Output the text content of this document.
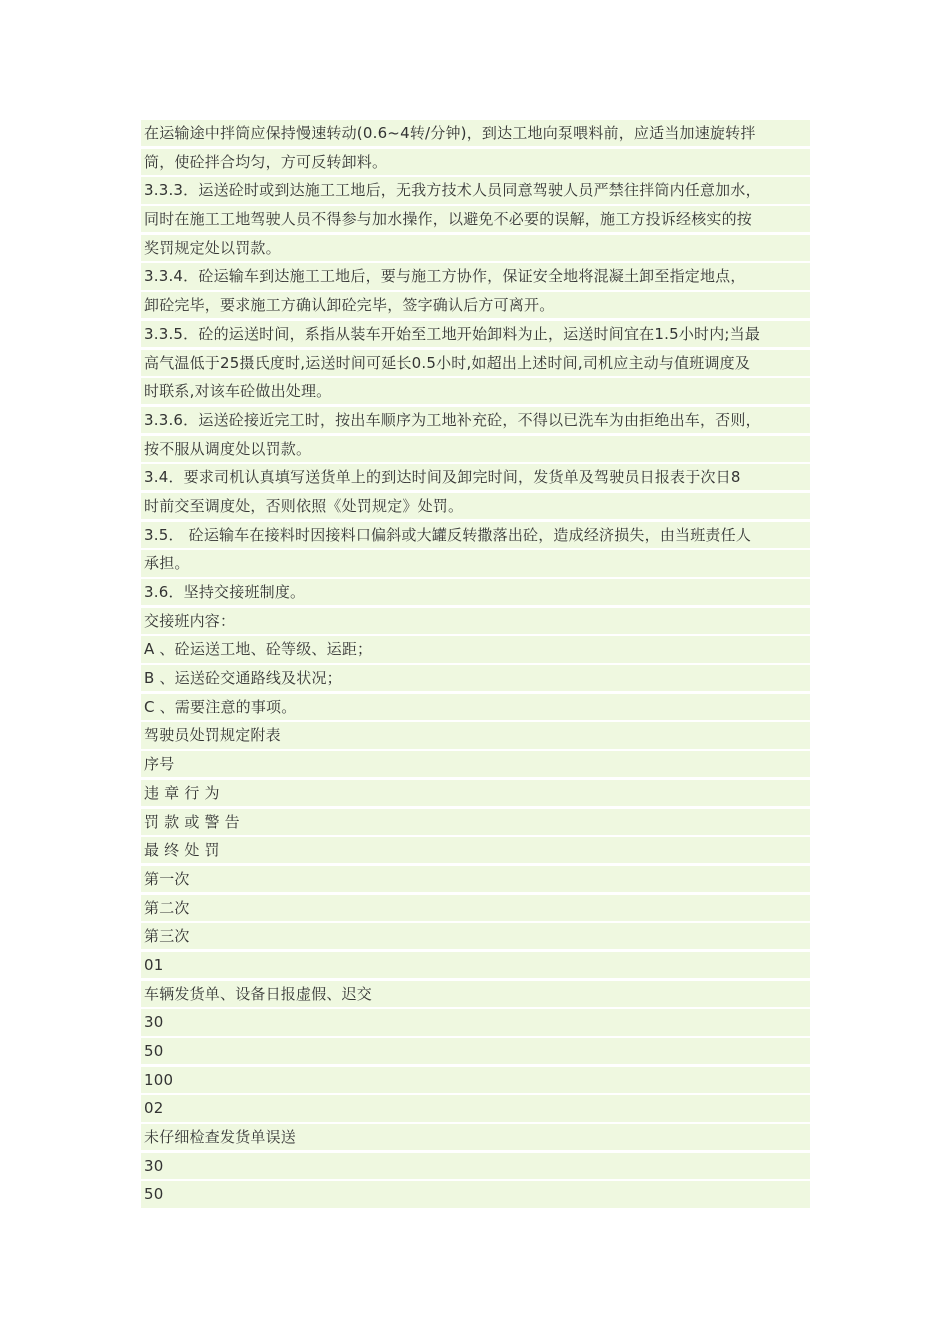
在运输途中拌筒应保持慢速转动(0.6~4转/分钟)，到达工地向泵喂料前，应适当加速旋转拌
筒，使砼拌合均匀，方可反转卸料。
3.3.3．运送砼时或到达施工工地后，无我方技术人员同意驾驶人员严禁往拌筒内任意加水，
同时在施工工地驾驶人员不得参与加水操作，以避免不必要的误解，施工方投诉经核实的按
奖罚规定处以罚款。
3.3.4．砼运输车到达施工工地后，要与施工方协作，保证安全地将混凝土卸至指定地点，
卸砼完毕，要求施工方确认卸砼完毕，签字确认后方可离开。
3.3.5．砼的运送时间，系指从装车开始至工地开始卸料为止，运送时间宜在1.5小时内;当最
高气温低于25摄氏度时,运送时间可延长0.5小时,如超出上述时间,司机应主动与值班调度及
时联系,对该车砼做出处理。
3.3.6．运送砼接近完工时，按出车顺序为工地补充砼，不得以已洗车为由拒绝出车，否则，
按不服从调度处以罚款。
3.4．要求司机认真填写送货单上的到达时间及卸完时间，发货单及驾驶员日报表于次日8
时前交至调度处，否则依照《处罚规定》处罚。
3.5． 砼运输车在接料时因接料口偏斜或大罐反转撒落出砼，造成经济损失，由当班责任人
承担。
3.6．坚持交接班制度。
交接班内容：
A 、砼运送工地、砼等级、运距；
B 、运送砼交通路线及状况；
C 、需要注意的事项。
驾驶员处罚规定附表
序号
违 章 行 为
罚 款 或 警 告
最 终 处 罚
第一次
第二次
第三次
01
车辆发货单、设备日报虚假、迟交
30
50
100
02
未仔细检查发货单误送
30
50
